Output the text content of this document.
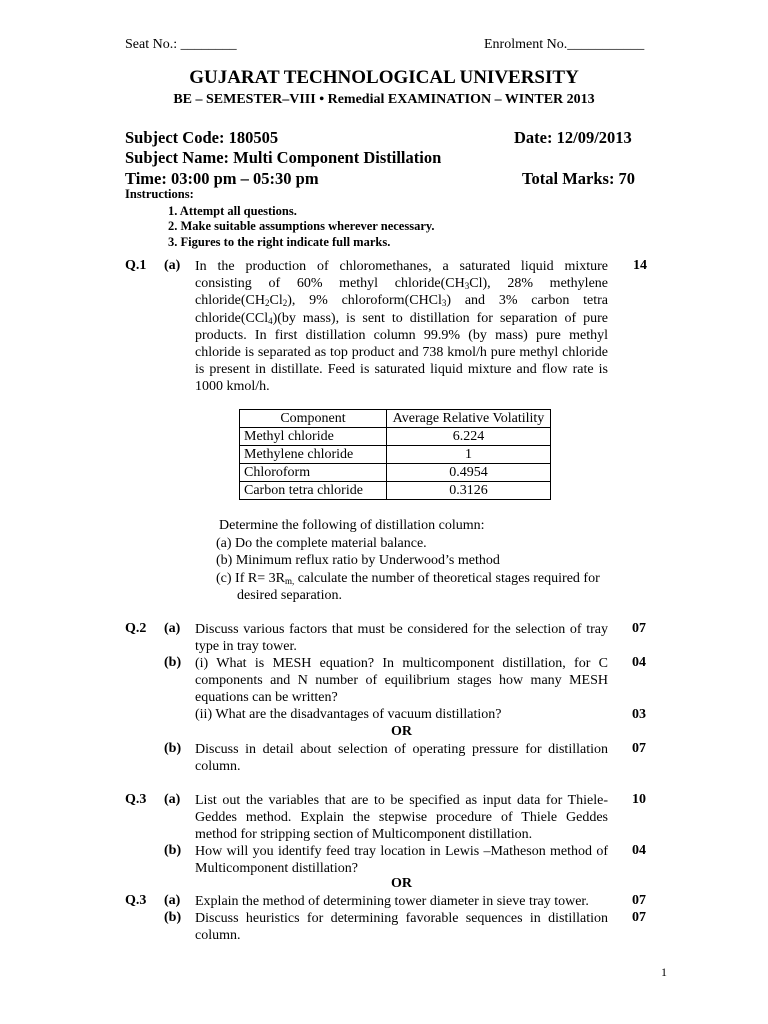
Seat No.: ________	Enrolment No.___________
GUJARAT TECHNOLOGICAL UNIVERSITY
BE – SEMESTER–VIII • Remedial EXAMINATION – WINTER 2013
Subject Code: 180505	Date: 12/09/2013
Subject Name: Multi Component Distillation
Time: 03:00 pm – 05:30 pm	Total Marks: 70
Instructions:
1. Attempt all questions.
2. Make suitable assumptions wherever necessary.
3. Figures to the right indicate full marks.
Q.1 (a)	14
In the production of chloromethanes, a saturated liquid mixture consisting of 60% methyl $chloride(CH_3Cl)$, 28% methylene $chloride(CH_2Cl_2)$, 9% chloroform(CHCl$_3$) and 3% carbon tetra chloride(CCl$_4$)(by mass), is sent to distillation for separation of pure products. In first distillation column 99.9% (by mass) pure methyl chloride is separated as top product and 738 kmol/h pure methyl chloride is present in distillate. Feed is saturated liquid mixture and flow rate is 1000 kmol/h.
Component	Average Relative Volatility
Methyl chloride	6.224
Methylene chloride	1
Chloroform	0.4954
Carbon tetra chloride	0.3126
Determine the following of distillation column:
(a) Do the complete material balance.
(b) Minimum reflux ratio by Underwood’s method
(c) If $R= 3R_{m,}$ calculate the number of theoretical stages required for
desired separation.
Q.2 (a) Discuss various factors that must be considered for the selection of tray type in tray tower.
07
(b) (i) What is MESH equation? In multicomponent distillation, for C components and N number of equilibrium stages how many MESH equations can be written?
04
(ii) What are the disadvantages of vacuum distillation?	03
OR
(b) Discuss in detail about selection of operating pressure for distillation column.
07
Q.3 (a) List out the variables that are to be specified as input data for Thiele-Geddes method. Explain the stepwise procedure of Thiele Geddes method for stripping section of Multicomponent distillation.
10
(b) How will you identify feed tray location in Lewis –Matheson method of Multicomponent distillation?
04
OR
Q.3 (a) Explain the method of determining tower diameter in sieve tray tower.	07
(b) Discuss heuristics for determining favorable sequences in distillation column.
07
1
